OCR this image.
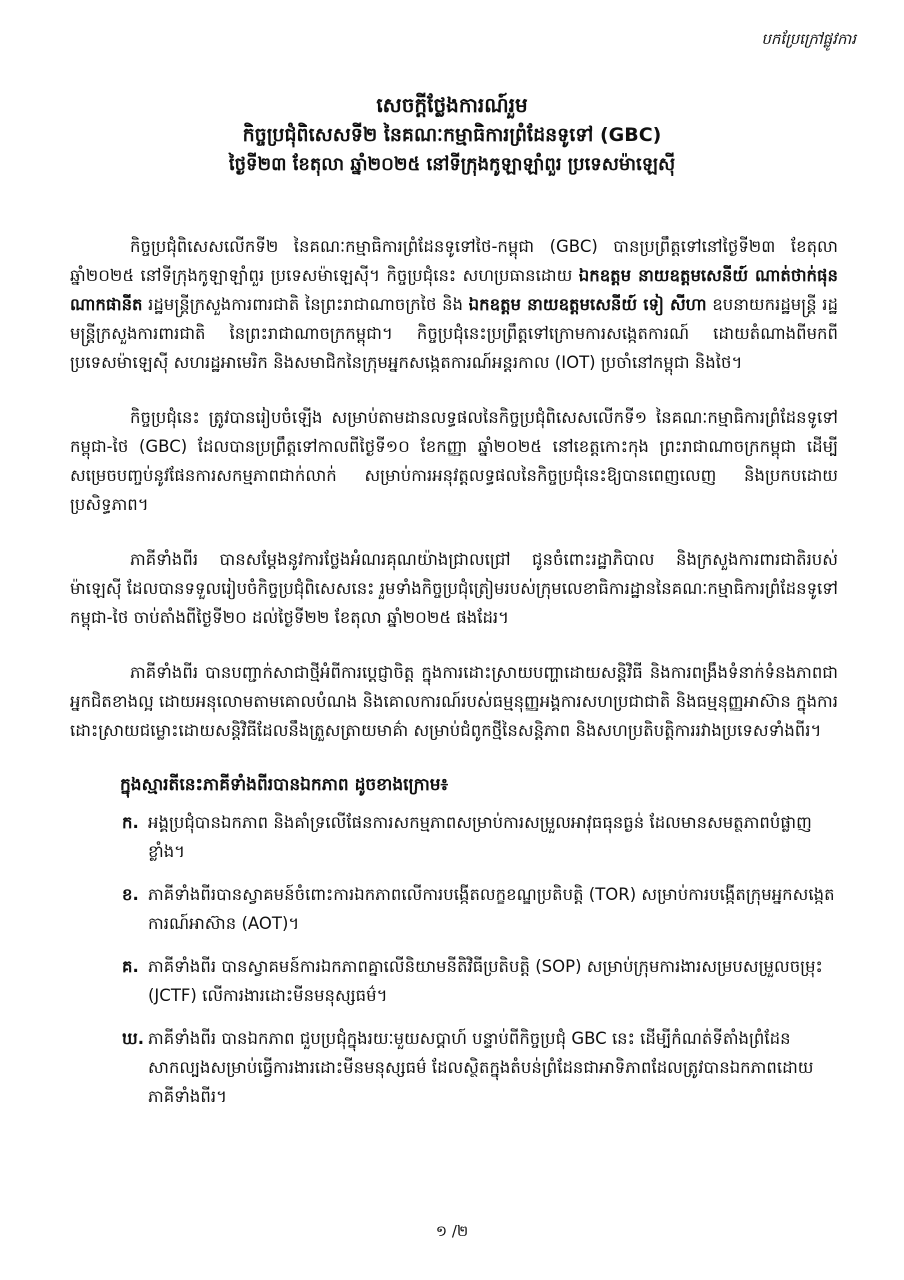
បកប្រែក្រៅផ្លូវការ
សេចក្តីថ្លែងការណ៍រួម
កិច្ចប្រជុំពិសេសទី២ នៃគណៈកម្មាធិការព្រំដែនទូទៅ (GBC)
ថ្ងៃទី២៣ ខែតុលា ឆ្នាំ២០២៥ នៅទីក្រុងកូឡាឡាំពួរ ប្រទេសម៉ាឡេស៊ី

កិច្ចប្រជុំពិសេសលើកទី២ នៃគណៈកម្មាធិការព្រំដែនទូទៅថៃ-កម្ពុជា (GBC) បានប្រព្រឹត្តទៅនៅថ្ងៃទី២៣ ខែតុលា ឆ្នាំ២០២៥ នៅទីក្រុងកូឡាឡាំពួរ ប្រទេសម៉ាឡេស៊ី។ កិច្ចប្រជុំនេះ សហប្រធានដោយ ឯកឧត្តម នាយឧត្តមសេនីយ៍ ណាត់ថាក់ផុន ណាកផានីត រដ្ឋមន្ត្រីក្រសួងការពារជាតិ នៃព្រះរាជាណាចក្រថៃ និង ឯកឧត្តម នាយឧត្តមសេនីយ៍ ទៀ សីហា ឧបនាយករដ្ឋមន្ត្រី រដ្ឋមន្ត្រីក្រសួងការពារជាតិ នៃព្រះរាជាណាចក្រកម្ពុជា។ កិច្ចប្រជុំនេះប្រព្រឹត្តទៅក្រោមការសង្កេតការណ៍ ដោយតំណាងពីមកពីប្រទេសម៉ាឡេស៊ី សហរដ្ឋអាមេរិក និងសមាជិកនៃក្រុមអ្នកសង្កេតការណ៍អន្តរកាល (IOT) ប្រចាំនៅកម្ពុជា និងថៃ។

កិច្ចប្រជុំនេះ ត្រូវបានរៀបចំឡើង សម្រាប់តាមដានលទ្ធផលនៃកិច្ចប្រជុំពិសេសលើកទី១ នៃគណៈកម្មាធិការព្រំដែនទូទៅកម្ពុជា-ថៃ (GBC) ដែលបានប្រព្រឹត្តទៅកាលពីថ្ងៃទី១០ ខែកញ្ញា ឆ្នាំ២០២៥ នៅខេត្តកោះកុង ព្រះរាជាណាចក្រកម្ពុជា ដើម្បីសម្រេចបញ្ចប់នូវផែនការសកម្មភាពជាក់លាក់ សម្រាប់ការអនុវត្តលទ្ធផលនៃកិច្ចប្រជុំនេះឱ្យបានពេញលេញ និងប្រកបដោយប្រសិទ្ធភាព។

ភាគីទាំងពីរ បានសម្តែងនូវការថ្លែងអំណរគុណយ៉ាងជ្រាលជ្រៅ ជូនចំពោះរដ្ឋាភិបាល និងក្រសួងការពារជាតិរបស់ម៉ាឡេស៊ី ដែលបានទទួលរៀបចំកិច្ចប្រជុំពិសេសនេះ រួមទាំងកិច្ចប្រជុំត្រៀមរបស់ក្រុមលេខាធិការដ្ឋាននៃគណៈកម្មាធិការព្រំដែនទូទៅកម្ពុជា-ថៃ ចាប់តាំងពីថ្ងៃទី២០ ដល់ថ្ងៃទី២២ ខែតុលា ឆ្នាំ២០២៥ ផងដែរ។

ភាគីទាំងពីរ បានបញ្ជាក់សាជាថ្មីអំពីការប្តេជ្ញាចិត្ត ក្នុងការដោះស្រាយបញ្ហាដោយសន្តិវិធី និងការពង្រឹងទំនាក់ទំនងភាពជាអ្នកជិតខាងល្អ ដោយអនុលោមតាមគោលបំណង និងគោលការណ៍របស់ធម្មនុញ្ញអង្គការសហប្រជាជាតិ និងធម្មនុញ្ញអាស៊ាន ក្នុងការដោះស្រាយជម្លោះដោយសន្តិវិធីដែលនឹងត្រួសត្រាយមាគ៌ា សម្រាប់ជំពូកថ្មីនៃសន្តិភាព និងសហប្រតិបត្តិការរវាងប្រទេសទាំងពីរ។

ក្នុងស្មារតីនេះភាគីទាំងពីរបានឯកភាព ដូចខាងក្រោម៖
ក. អង្គប្រជុំបានឯកភាព និងគាំទ្រលើផែនការសកម្មភាពសម្រាប់ការសម្រួលអាវុធធុនធ្ងន់ ដែលមានសមត្ថភាពបំផ្លាញខ្លាំង។
ខ. ភាគីទាំងពីរបានស្វាគមន៍ចំពោះការឯកភាពលើការបង្កើតលក្ខខណ្ឌប្រតិបត្តិ (TOR) សម្រាប់ការបង្កើតក្រុមអ្នកសង្កេតការណ៍អាស៊ាន (AOT)។
គ. ភាគីទាំងពីរ បានស្វាគមន៍ការឯកភាពគ្នាលើនិយាមនីតិវិធីប្រតិបត្តិ (SOP) សម្រាប់ក្រុមការងារសម្របសម្រួលចម្រុះ (JCTF) លើការងារដោះមីនមនុស្សធម៌។
ឃ. ភាគីទាំងពីរ បានឯកភាព ជួបប្រជុំក្នុងរយៈមួយសប្តាហ៍ បន្ទាប់ពីកិច្ចប្រជុំ GBC នេះ ដើម្បីកំណត់ទីតាំងព្រំដែនសាកល្បងសម្រាប់ធ្វើការងារដោះមីនមនុស្សធម៌ ដែលស្ថិតក្នុងតំបន់ព្រំដែនជាអាទិភាពដែលត្រូវបានឯកភាពដោយភាគីទាំងពីរ។
១ /២
